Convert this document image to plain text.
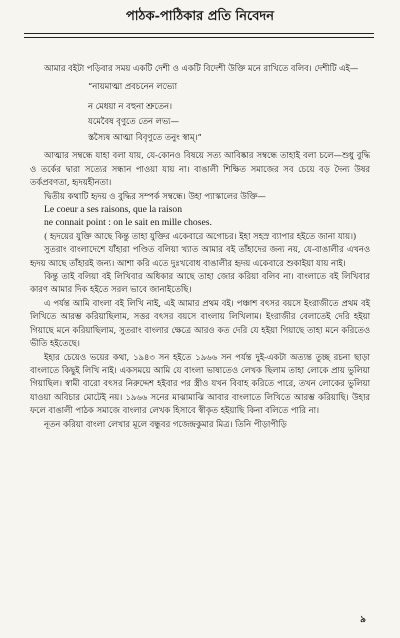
পাঠক-পাঠিকার প্রতি নিবেদন

আমার বইটা পড়িবার সময় একটি দেশী ও একটি বিদেশী উক্তি মনে রাখিতে বলিব। দেশীটি এই—

“নায়মাত্মা প্রবচনেন লভ্যো

ন মেধয়া ন বহুনা শ্রুতেন।

যমেবৈষ বৃণুতে তেন লভ্য—

স্তস্যৈষ আত্মা বিবৃণুতে তনুং স্বাম্‌।”

আত্মার সম্বন্ধে যাহা বলা যায়, যে-কোনও বিষয়ে সত্য আবিষ্কার সম্বন্ধে তাহাই বলা চলে—শুধু বুদ্ধি ও তর্কের দ্বারা সত্যের সন্ধান পাওয়া যায় না। বাঙালী শিক্ষিত সমাজের সব চেয়ে বড় দৈন্য উষর তর্কপ্রবণতা, হৃদয়হীনতা।

দ্বিতীয় কথাটি হৃদয় ও বুদ্ধির সম্পর্ক সম্বন্ধে। উহা প্যাস্কালের উক্তি—

Le coeur a ses raisons, que la raison

ne connait point : on le sait en mille choses.

( হৃদয়ের যুক্তি আছে কিন্তু তাহা যুক্তির একেবারে অগোচর। ইহা সহস্র ব্যাপার হইতে জানা যায়।)

সুতরাং বাংলাদেশে যাঁহারা পণ্ডিত বলিয়া খ্যাত আমার বই তাঁহাদের জন্য নয়, যে-বাঙালীর এখনও হৃদয় আছে তাঁহারই জন্য। আশা করি এতে দুঃখবোধ বাঙালীর হৃদয় একেবারে শুকাইয়া যায় নাই।

কিন্তু তাই বলিয়া বই লিখিবার অধিকার আছে তাহা জোর করিয়া বলিব না। বাংলাতে বই লিখিবার কারণ আমার দিক হইতে সরল ভাবে জানাইতেছি।

এ পর্যন্ত আমি বাংলা বই লিখি নাই, এই আমার প্রথম বই। পঞ্চাশ বৎসর বয়সে ইংরাজীতে প্রথম বই লিখিতে আরম্ভ করিয়াছিলাম, সত্তর বৎসর বয়সে বাংলায় লিখিলাম। ইংরাজীর বেলাতেই দেরি হইয়া গিয়াছে মনে করিয়াছিলাম, সুতরাং বাংলার ক্ষেত্রে আরও কত দেরি যে হইয়া গিয়াছে তাহা মনে করিতেও ভীতি হইতেছে।

ইহার চেয়েও ভয়ের কথা, ১৯৪৩ সন হইতে ১৯৬৬ সন পর্যন্ত দুই-একটা অত্যন্ত তুচ্ছ রচনা ছাড়া বাংলাতে কিছুই লিখি নাই। একসময়ে আমি যে বাংলা ভাষাতেও লেখক ছিলাম তাহা লোকে প্রায় ভুলিয়া গিয়াছিল। স্বামী বারো বৎসর নিরুদ্দেশ হইবার পর স্ত্রীও যখন বিবাহ করিতে পারে, তখন লোকের ভুলিয়া যাওয়া অবিচার মোটেই নয়। ১৯৬৬ সনের মাঝামাঝি আবার বাংলাতে লিখিতে আরম্ভ করিয়াছি। উহার ফলে বাঙালী পাঠক সমাজে বাংলার লেখক হিসাবে স্বীকৃত হইয়াছি কিনা বলিতে পারি না।

নূতন করিয়া বাংলা লেখার মূলে বন্ধুবর গজেন্দ্রকুমার মিত্র। তিনি পীড়াপীড়ি

৯
